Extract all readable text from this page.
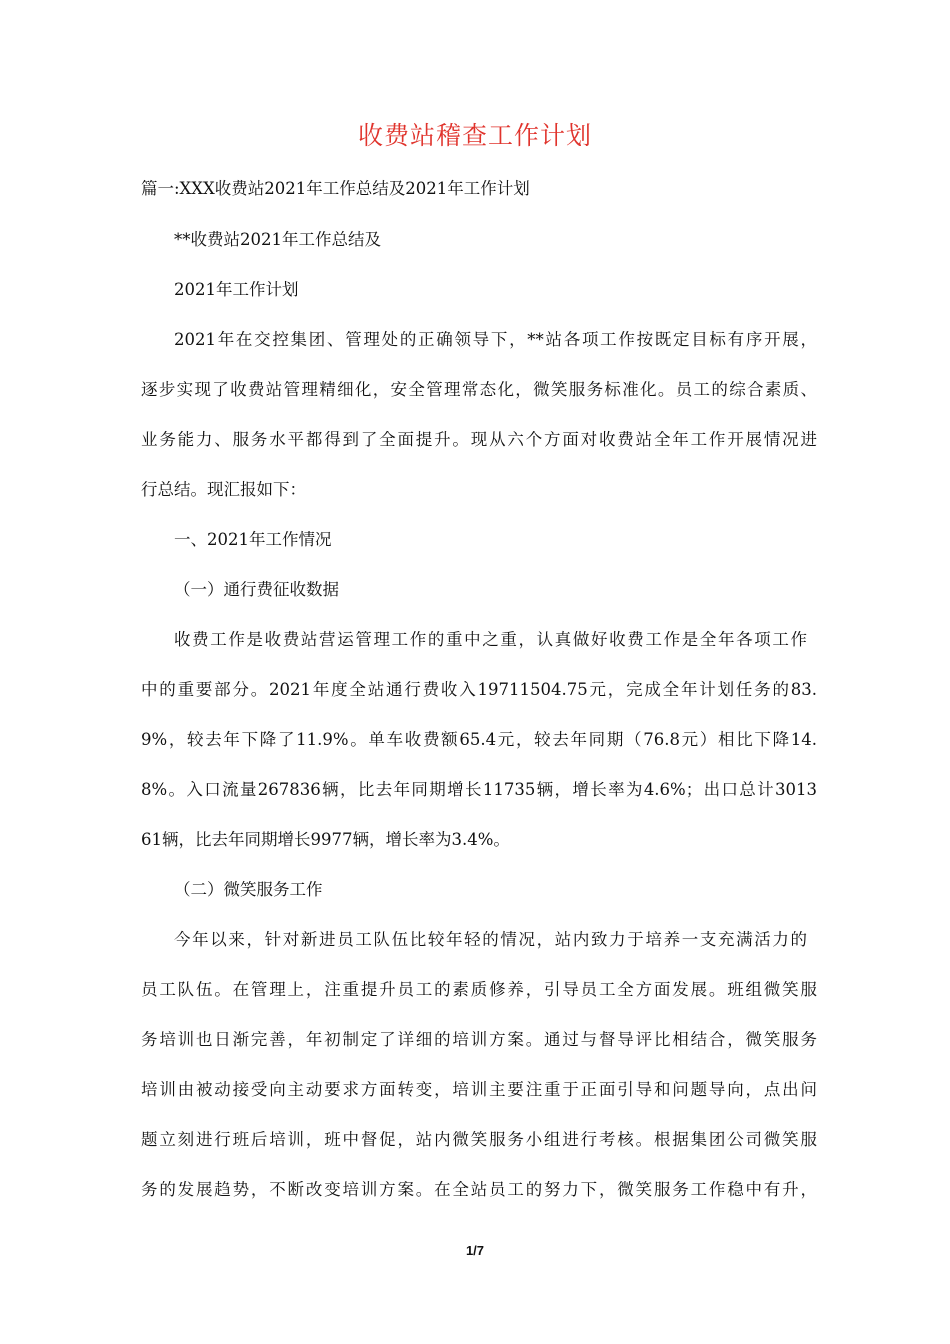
收费站稽查工作计划
篇一:XXX收费站2021年工作总结及2021年工作计划
**收费站2021年工作总结及
2021年工作计划
2021年在交控集团、管理处的正确领导下，**站各项工作按既定目标有序开展，
逐步实现了收费站管理精细化，安全管理常态化，微笑服务标准化。员工的综合素质、
业务能力、服务水平都得到了全面提升。现从六个方面对收费站全年工作开展情况进
行总结。现汇报如下：
一、2021年工作情况
（一）通行费征收数据
收费工作是收费站营运管理工作的重中之重，认真做好收费工作是全年各项工作
中的重要部分。2021年度全站通行费收入19711504.75元，完成全年计划任务的83.
9%，较去年下降了11.9%。单车收费额65.4元，较去年同期（76.8元）相比下降14.
8%。入口流量267836辆，比去年同期增长11735辆，增长率为4.6%；出口总计3013
61辆，比去年同期增长9977辆，增长率为3.4%。
（二）微笑服务工作
今年以来，针对新进员工队伍比较年轻的情况，站内致力于培养一支充满活力的
员工队伍。在管理上，注重提升员工的素质修养，引导员工全方面发展。班组微笑服
务培训也日渐完善，年初制定了详细的培训方案。通过与督导评比相结合，微笑服务
培训由被动接受向主动要求方面转变，培训主要注重于正面引导和问题导向，点出问
题立刻进行班后培训，班中督促，站内微笑服务小组进行考核。根据集团公司微笑服
务的发展趋势，不断改变培训方案。在全站员工的努力下，微笑服务工作稳中有升，
1/7
